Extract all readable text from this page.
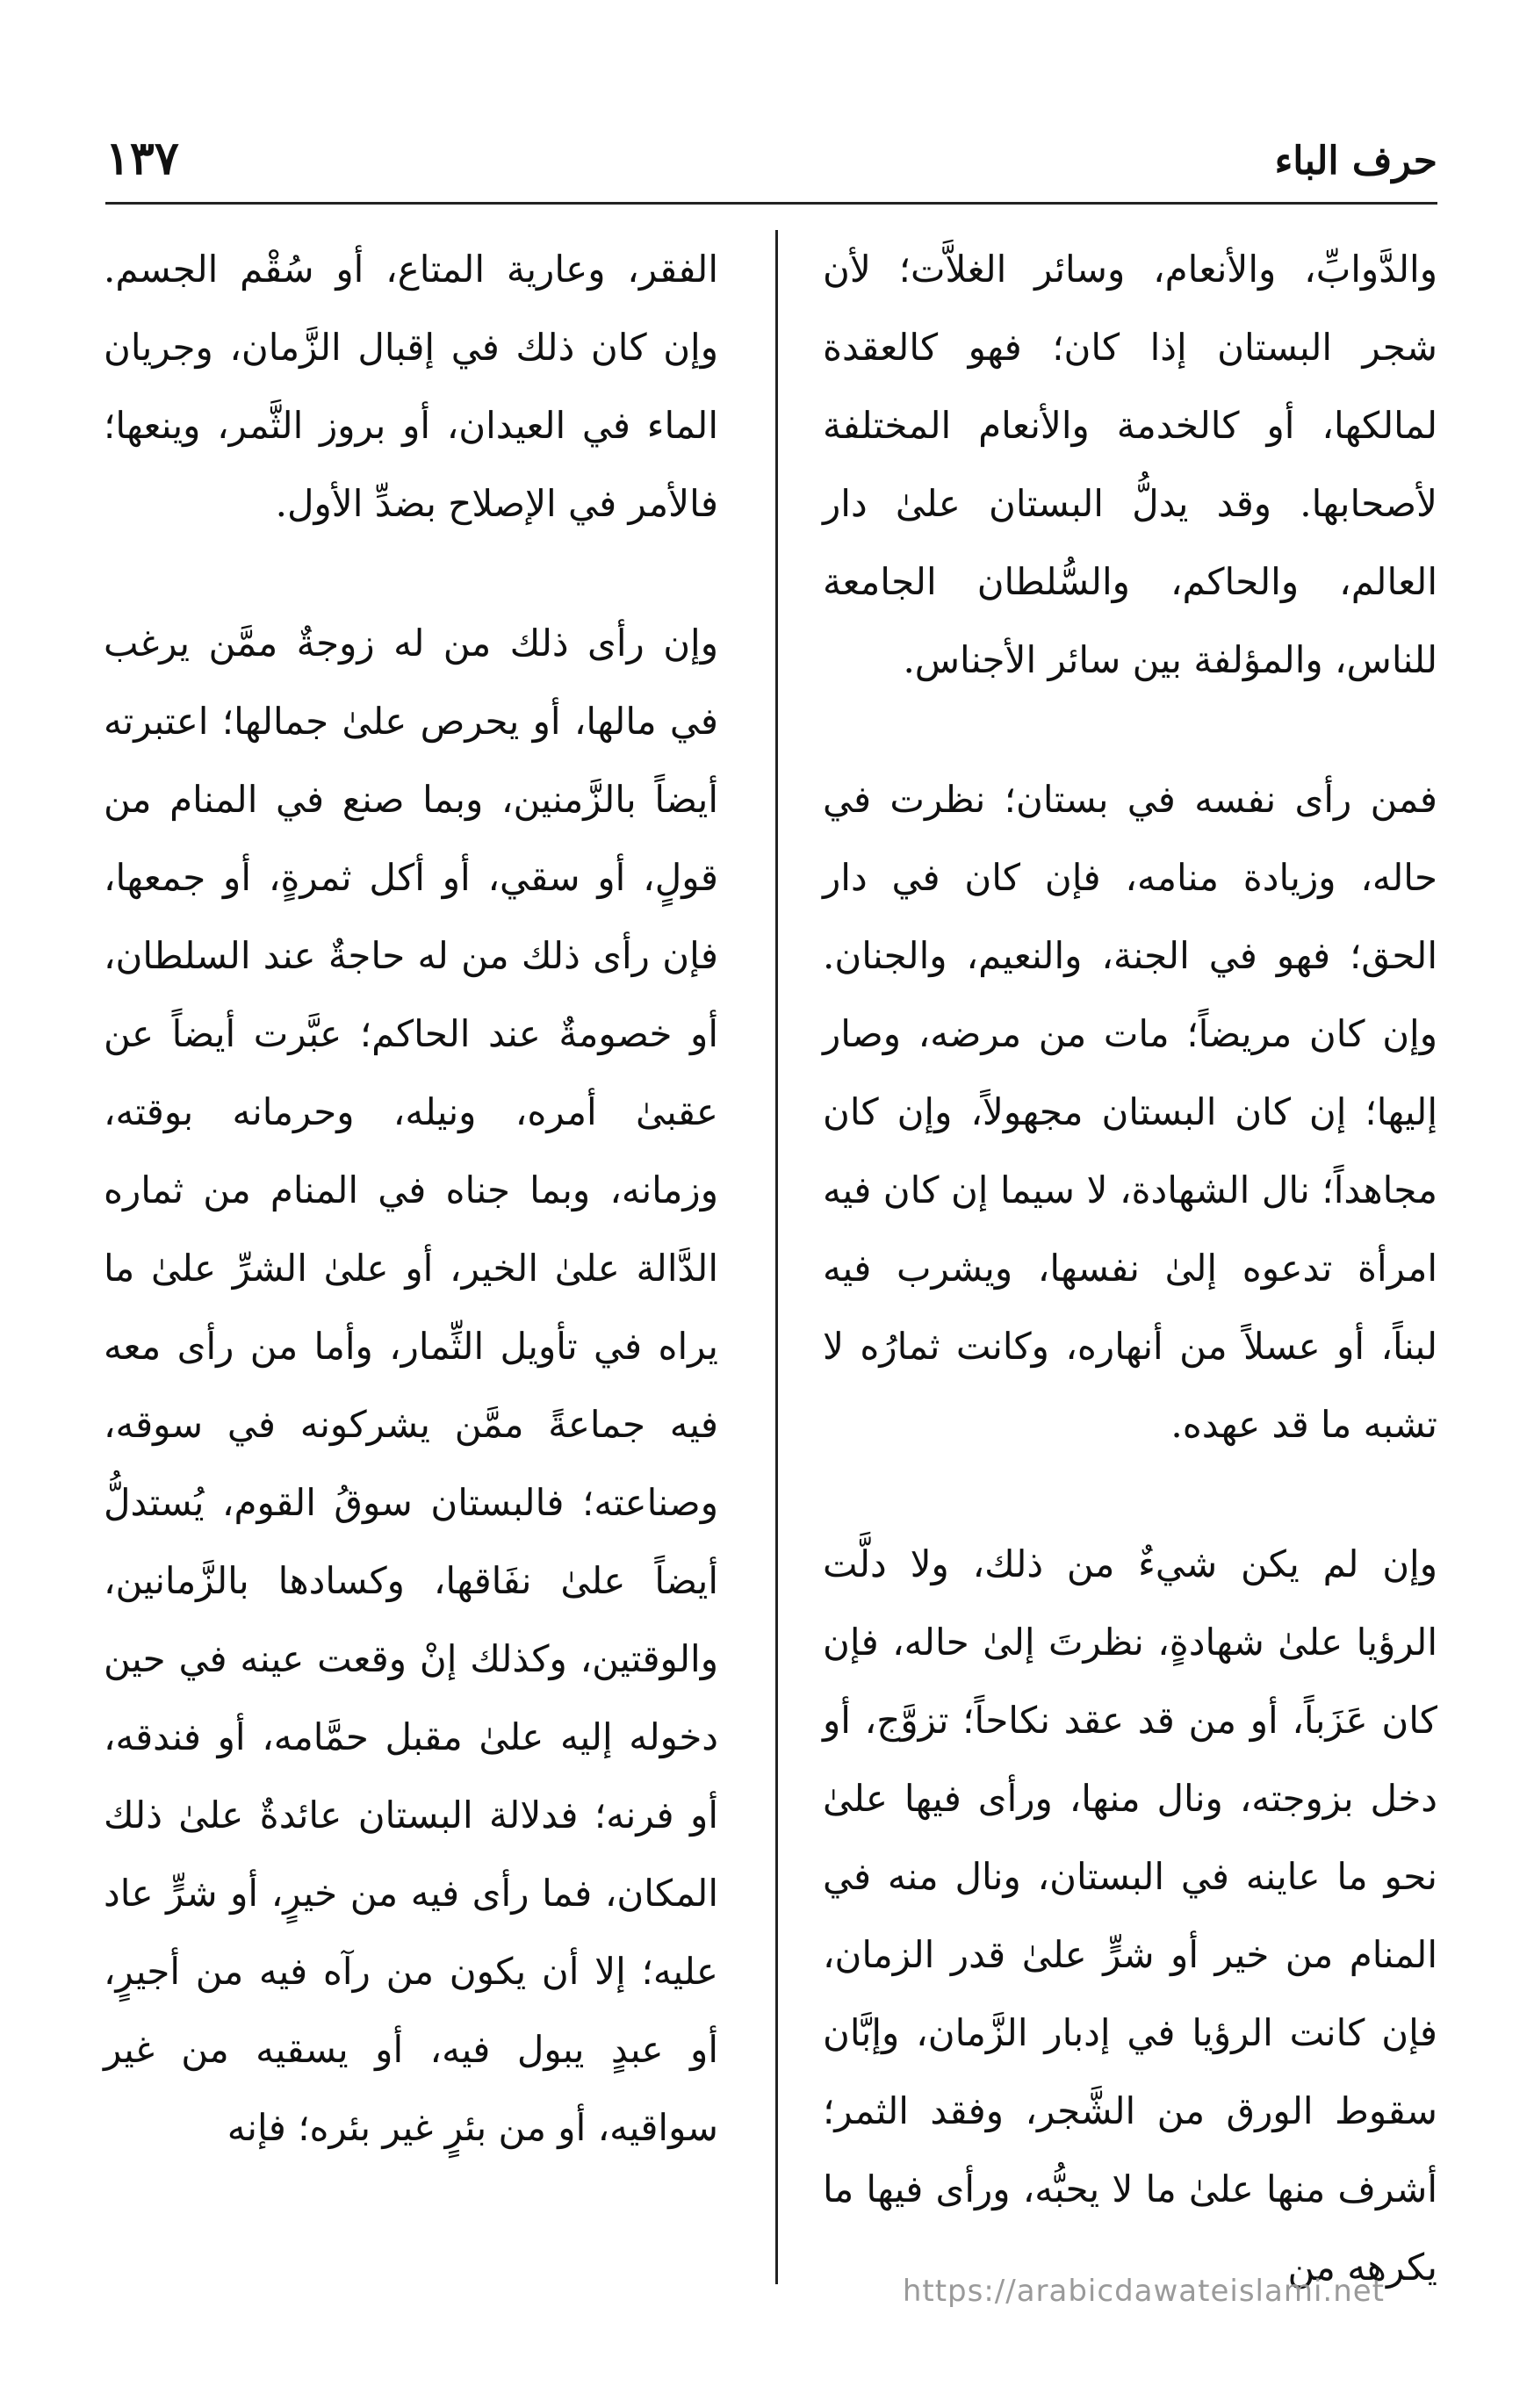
حرف الباء
١٣٧

والدَّوابِّ، والأنعام، وسائر الغلاَّت؛ لأن شجر البستان إذا كان؛ فهو كالعقدة لمالكها، أو كالخدمة والأنعام المختلفة لأصحابها. وقد يدلُّ البستان علىٰ دار العالم، والحاكم، والسُّلطان الجامعة للناس، والمؤلفة بين سائر الأجناس.

فمن رأى نفسه في بستان؛ نظرت في حاله، وزيادة منامه، فإن كان في دار الحق؛ فهو في الجنة، والنعيم، والجنان. وإن كان مريضاً؛ مات من مرضه، وصار إليها؛ إن كان البستان مجهولاً، وإن كان مجاهداً؛ نال الشهادة، لا سيما إن كان فيه امرأة تدعوه إلىٰ نفسها، ويشرب فيه لبناً، أو عسلاً من أنهاره، وكانت ثمارُه لا تشبه ما قد عهده.

وإن لم يكن شيءٌ من ذلك، ولا دلَّت الرؤيا علىٰ شهادةٍ، نظرتَ إلىٰ حاله، فإن كان عَزَباً، أو من قد عقد نكاحاً؛ تزوَّج، أو دخل بزوجته، ونال منها، ورأى فيها علىٰ نحو ما عاينه في البستان، ونال منه في المنام من خير أو شرٍّ علىٰ قدر الزمان، فإن كانت الرؤيا في إدبار الزَّمان، وإبَّان سقوط الورق من الشَّجر، وفقد الثمر؛ أشرف منها علىٰ ما لا يحبُّه، ورأى فيها ما يكرهه من

الفقر، وعارية المتاع، أو سُقْم الجسم. وإن كان ذلك في إقبال الزَّمان، وجريان الماء في العيدان، أو بروز الثَّمر، وينعها؛ فالأمر في الإصلاح بضدِّ الأول.

وإن رأى ذلك من له زوجةٌ ممَّن يرغب في مالها، أو يحرص علىٰ جمالها؛ اعتبرته أيضاً بالزَّمنين، وبما صنع في المنام من قولٍ، أو سقي، أو أكل ثمرةٍ، أو جمعها، فإن رأى ذلك من له حاجةٌ عند السلطان، أو خصومةٌ عند الحاكم؛ عبَّرت أيضاً عن عقبىٰ أمره، ونيله، وحرمانه بوقته، وزمانه، وبما جناه في المنام من ثماره الدَّالة علىٰ الخير، أو علىٰ الشرِّ علىٰ ما يراه في تأويل الثِّمار، وأما من رأى معه فيه جماعةً ممَّن يشركونه في سوقه، وصناعته؛ فالبستان سوقُ القوم، يُستدلُّ أيضاً علىٰ نفَاقها، وكسادها بالزَّمانين، والوقتين، وكذلك إنْ وقعت عينه في حين دخوله إليه علىٰ مقبل حمَّامه، أو فندقه، أو فرنه؛ فدلالة البستان عائدةٌ علىٰ ذلك المكان، فما رأى فيه من خيرٍ، أو شرٍّ عاد عليه؛ إلا أن يكون من رآه فيه من أجيرٍ، أو عبدٍ يبول فيه، أو يسقيه من غير سواقيه، أو من بئرٍ غير بئره؛ فإنه

https://arabicdawateislami.net
